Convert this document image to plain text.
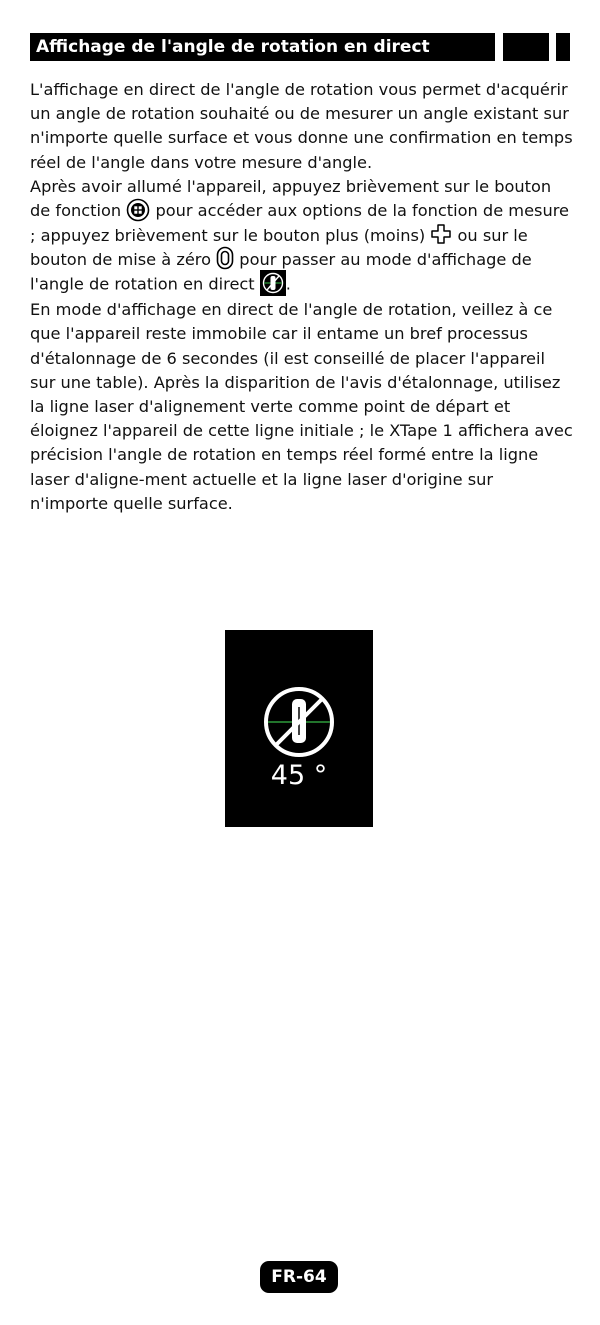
Affichage de l'angle de rotation en direct

L'affichage en direct de l'angle de rotation vous permet d'acquérir un angle de rotation souhaité ou de mesurer un angle existant sur n'importe quelle surface et vous donne une confirmation en temps réel de l'angle dans votre mesure d'angle.

Après avoir allumé l'appareil, appuyez brièvement sur le bouton de fonction
pour accéder aux options de la fonction de mesure ; appuyez brièvement sur le bouton plus (moins)
ou sur le bouton de mise à zéro
pour passer au mode d'affichage de l'angle de rotation en direct
.

En mode d'affichage en direct de l'angle de rotation, veillez à ce que l'appareil reste immobile car il entame un bref processus d'étalonnage de 6 secondes (il est conseillé de placer l'appareil sur une table). Après la disparition de l'avis d'étalonnage, utilisez la ligne laser d'alignement verte comme point de départ et éloignez l'appareil de cette ligne initiale ; le XTape 1 affichera avec précision l'angle de rotation en temps réel formé entre la ligne laser d'aligne-ment actuelle et la ligne laser d'origine sur n'importe quelle surface.

45 °
FR-64
